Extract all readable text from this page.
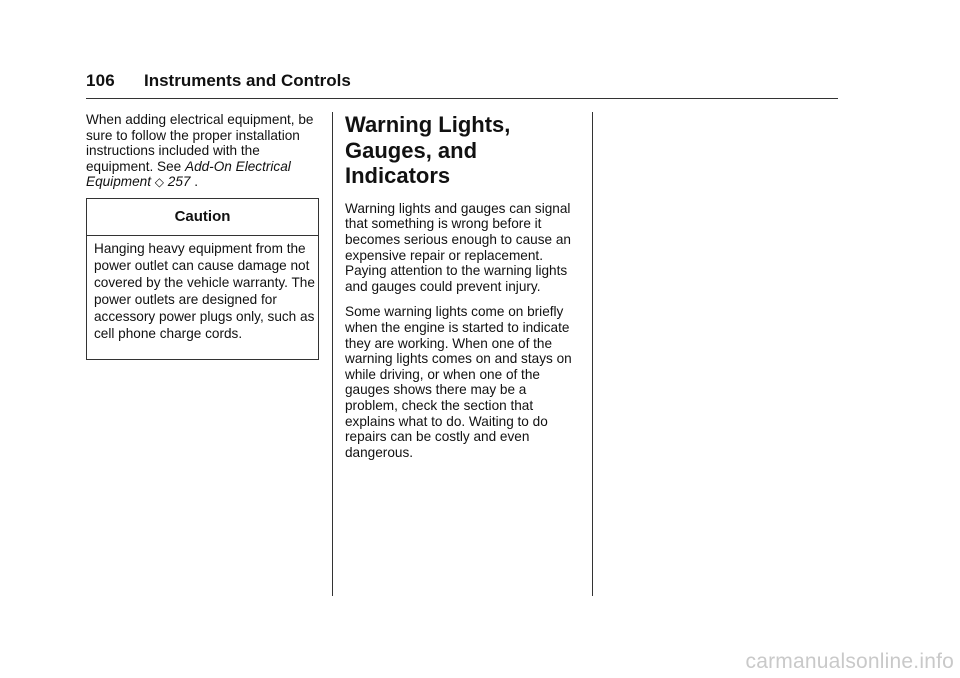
106 Instruments and Controls

When adding electrical equipment, be sure to follow the proper installation instructions included with the equipment. See Add-On Electrical Equipment ◇ 257 .

Caution

Hanging heavy equipment from the power outlet can cause damage not covered by the vehicle warranty. The power outlets are designed for accessory power plugs only, such as cell phone charge cords.

Warning Lights, Gauges, and Indicators

Warning lights and gauges can signal that something is wrong before it becomes serious enough to cause an expensive repair or replacement. Paying attention to the warning lights and gauges could prevent injury.

Some warning lights come on briefly when the engine is started to indicate they are working. When one of the warning lights comes on and stays on while driving, or when one of the gauges shows there may be a problem, check the section that explains what to do. Waiting to do repairs can be costly and even dangerous.

carmanualsonline.info
